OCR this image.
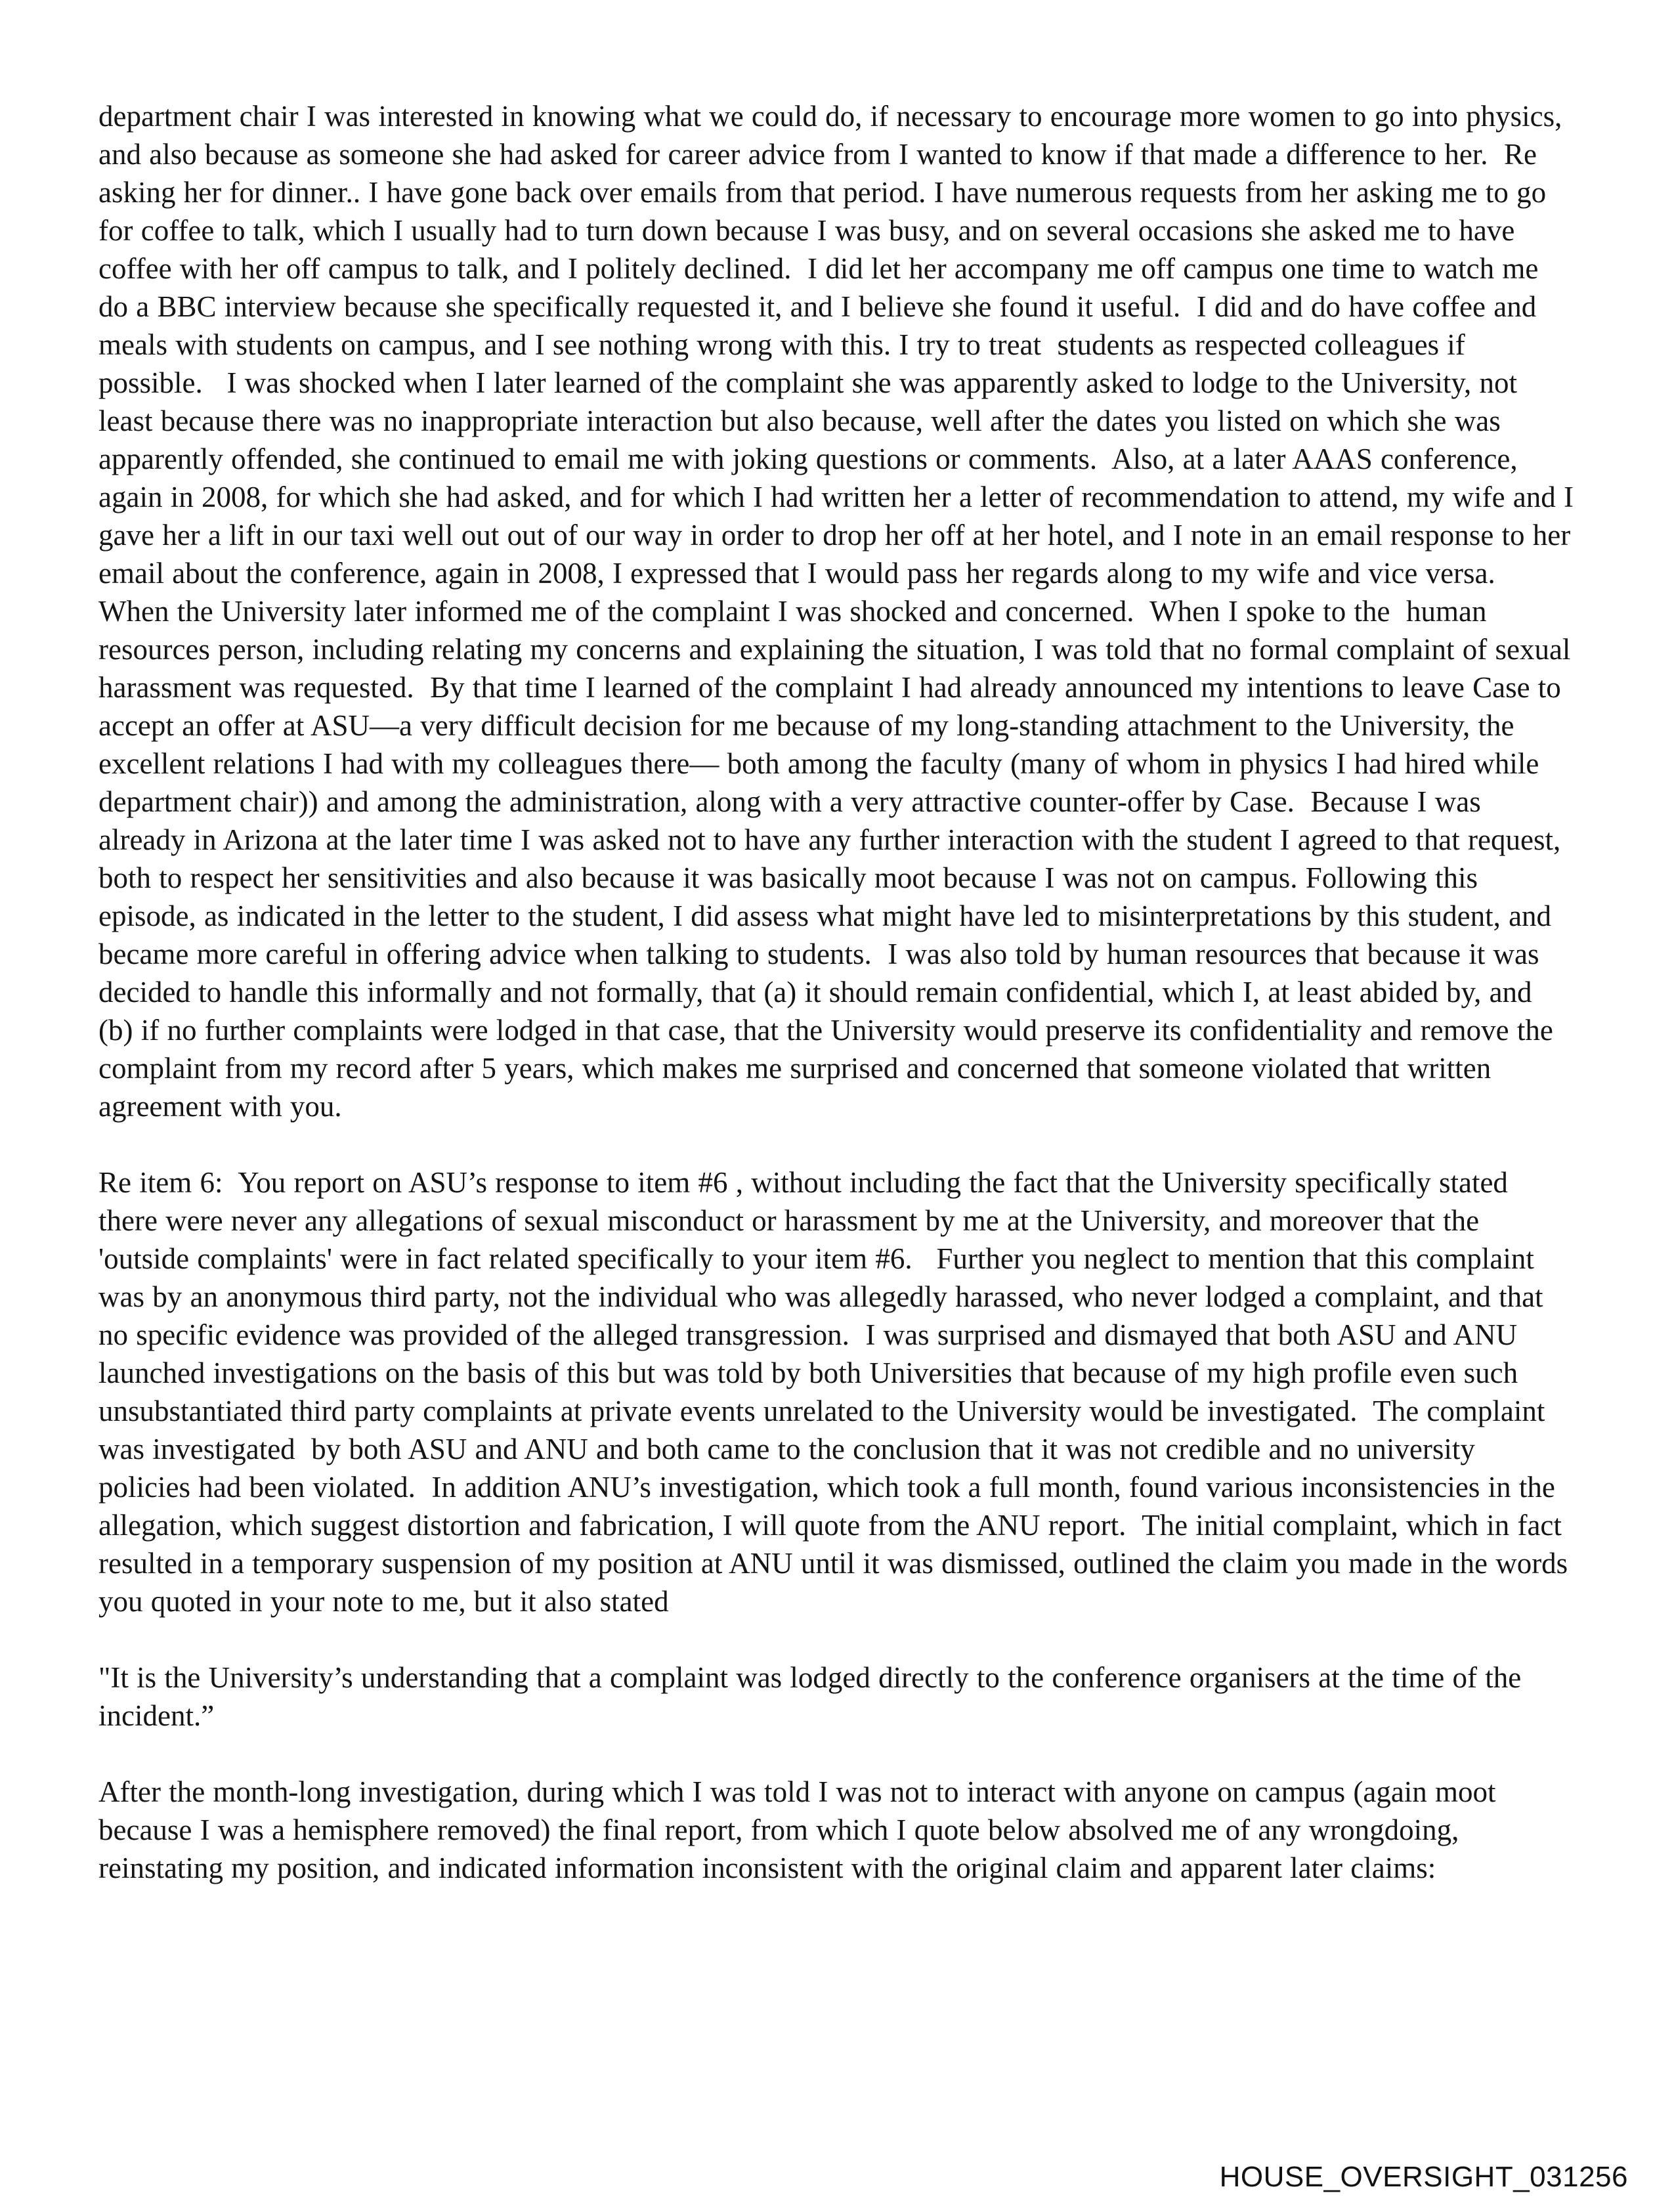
department chair I was interested in knowing what we could do, if necessary to encourage more women to go into physics, and also because as someone she had asked for career advice from I wanted to know if that made a difference to her.  Re asking her for dinner.. I have gone back over emails from that period. I have numerous requests from her asking me to go for coffee to talk, which I usually had to turn down because I was busy, and on several occasions she asked me to have coffee with her off campus to talk, and I politely declined.  I did let her accompany me off campus one time to watch me do a BBC interview because she specifically requested it, and I believe she found it useful.  I did and do have coffee and meals with students on campus, and I see nothing wrong with this. I try to treat  students as respected colleagues if possible.   I was shocked when I later learned of the complaint she was apparently asked to lodge to the University, not least because there was no inappropriate interaction but also because, well after the dates you listed on which she was apparently offended, she continued to email me with joking questions or comments.  Also, at a later AAAS conference,  again in 2008, for which she had asked, and for which I had written her a letter of recommendation to attend, my wife and I gave her a lift in our taxi well out out of our way in order to drop her off at her hotel, and I note in an email response to her email about the conference, again in 2008, I expressed that I would pass her regards along to my wife and vice versa.  When the University later informed me of the complaint I was shocked and concerned.  When I spoke to the  human resources person, including relating my concerns and explaining the situation, I was told that no formal complaint of sexual harassment was requested.  By that time I learned of the complaint I had already announced my intentions to leave Case to accept an offer at ASU—a very difficult decision for me because of my long-standing attachment to the University, the excellent relations I had with my colleagues there— both among the faculty (many of whom in physics I had hired while department chair)) and among the administration, along with a very attractive counter-offer by Case.  Because I was already in Arizona at the later time I was asked not to have any further interaction with the student I agreed to that request, both to respect her sensitivities and also because it was basically moot because I was not on campus. Following this episode, as indicated in the letter to the student, I did assess what might have led to misinterpretations by this student, and became more careful in offering advice when talking to students.  I was also told by human resources that because it was decided to handle this informally and not formally, that (a) it should remain confidential, which I, at least abided by, and (b) if no further complaints were lodged in that case, that the University would preserve its confidentiality and remove the complaint from my record after 5 years, which makes me surprised and concerned that someone violated that written agreement with you.

Re item 6:  You report on ASU’s response to item #6 , without including the fact that the University specifically stated there were never any allegations of sexual misconduct or harassment by me at the University, and moreover that the 'outside complaints' were in fact related specifically to your item #6.   Further you neglect to mention that this complaint was by an anonymous third party, not the individual who was allegedly harassed, who never lodged a complaint, and that no specific evidence was provided of the alleged transgression.  I was surprised and dismayed that both ASU and ANU launched investigations on the basis of this but was told by both Universities that because of my high profile even such unsubstantiated third party complaints at private events unrelated to the University would be investigated.  The complaint was investigated  by both ASU and ANU and both came to the conclusion that it was not credible and no university policies had been violated.  In addition ANU’s investigation, which took a full month, found various inconsistencies in the allegation, which suggest distortion and fabrication, I will quote from the ANU report.  The initial complaint, which in fact resulted in a temporary suspension of my position at ANU until it was dismissed, outlined the claim you made in the words you quoted in your note to me, but it also stated

"It is the University’s understanding that a complaint was lodged directly to the conference organisers at the time of the incident.”

After the month-long investigation, during which I was told I was not to interact with anyone on campus (again moot because I was a hemisphere removed) the final report, from which I quote below absolved me of any wrongdoing, reinstating my position, and indicated information inconsistent with the original claim and apparent later claims:

HOUSE_OVERSIGHT_031256
